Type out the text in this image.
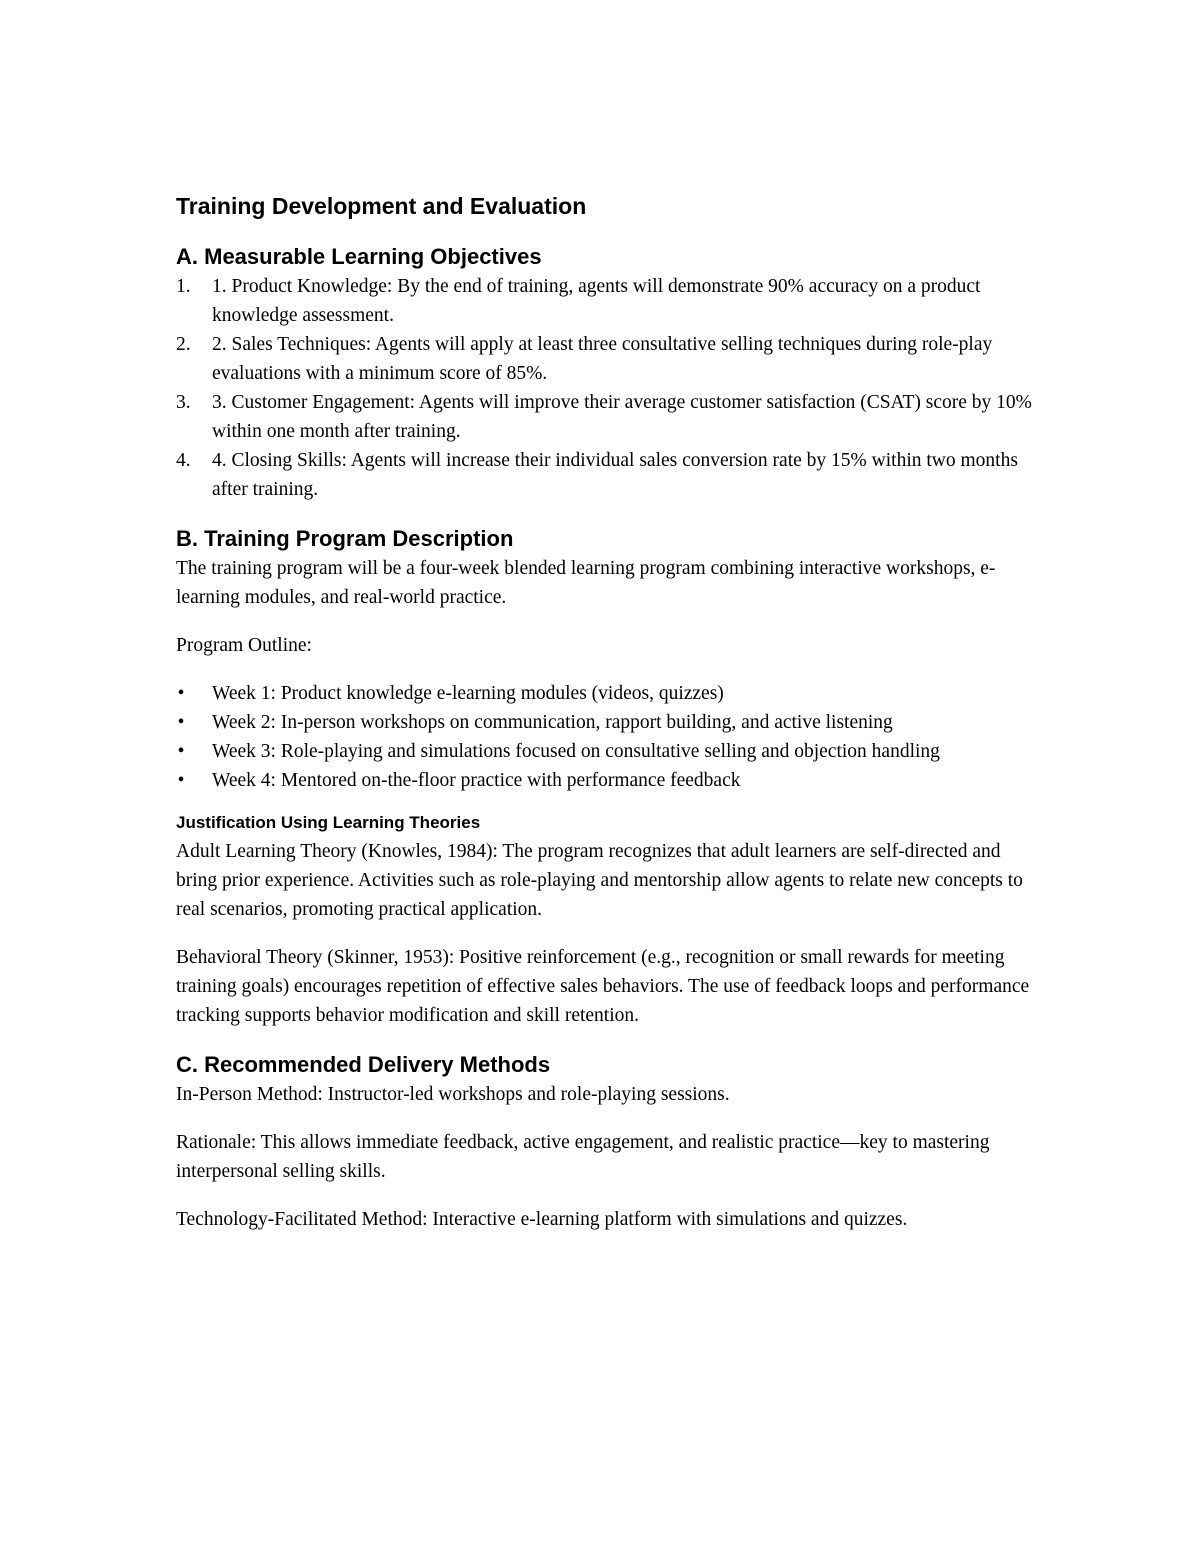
Training Development and Evaluation
A. Measurable Learning Objectives
1. 1. Product Knowledge: By the end of training, agents will demonstrate 90% accuracy on a product knowledge assessment.
2. 2. Sales Techniques: Agents will apply at least three consultative selling techniques during role-play evaluations with a minimum score of 85%.
3. 3. Customer Engagement: Agents will improve their average customer satisfaction (CSAT) score by 10% within one month after training.
4. 4. Closing Skills: Agents will increase their individual sales conversion rate by 15% within two months after training.
B. Training Program Description

The training program will be a four-week blended learning program combining interactive workshops, e-learning modules, and real-world practice.

Program Outline:

• Week 1: Product knowledge e-learning modules (videos, quizzes)
• Week 2: In-person workshops on communication, rapport building, and active listening
• Week 3: Role-playing and simulations focused on consultative selling and objection handling
• Week 4: Mentored on-the-floor practice with performance feedback
Justification Using Learning Theories

Adult Learning Theory (Knowles, 1984): The program recognizes that adult learners are self-directed and bring prior experience. Activities such as role-playing and mentorship allow agents to relate new concepts to real scenarios, promoting practical application.

Behavioral Theory (Skinner, 1953): Positive reinforcement (e.g., recognition or small rewards for meeting training goals) encourages repetition of effective sales behaviors. The use of feedback loops and performance tracking supports behavior modification and skill retention.

C. Recommended Delivery Methods

In-Person Method: Instructor-led workshops and role-playing sessions.

Rationale: This allows immediate feedback, active engagement, and realistic practice—key to mastering interpersonal selling skills.

Technology-Facilitated Method: Interactive e-learning platform with simulations and quizzes.
